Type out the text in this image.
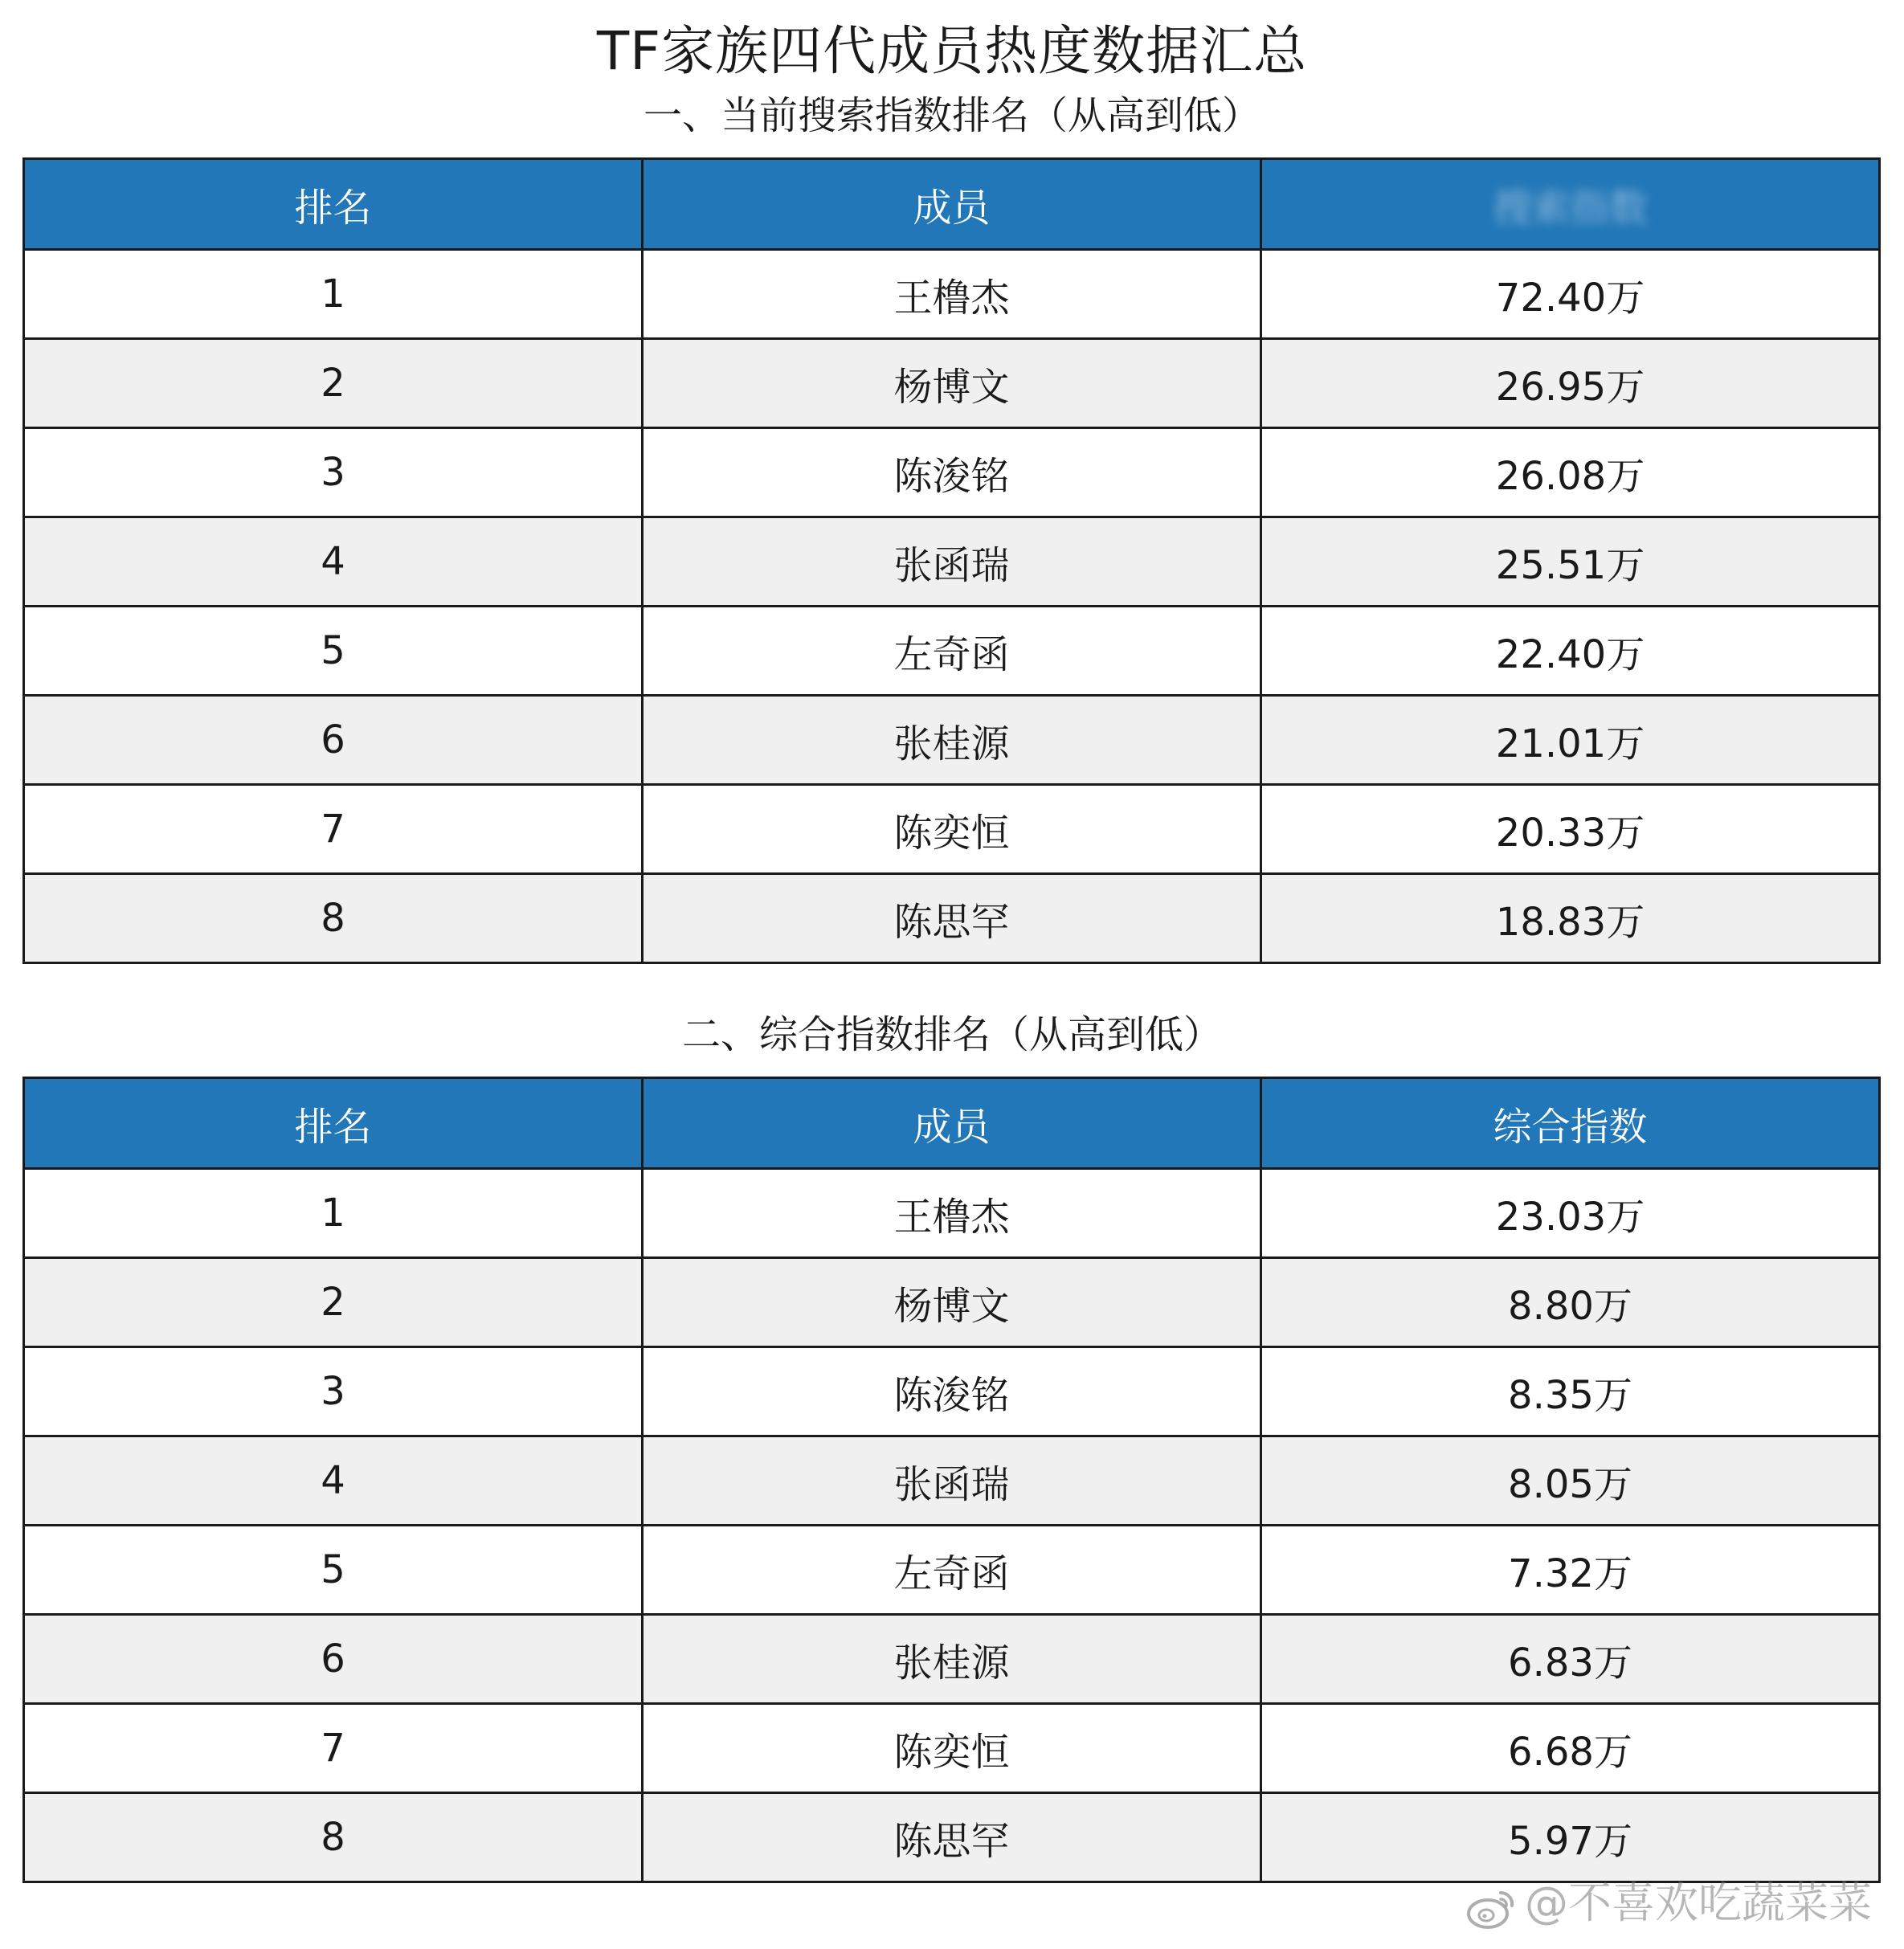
TF家族四代成员热度数据汇总
一、当前搜索指数排名（从高到低）
排名	成员	搜索指数
1	王橹杰	72.40万
2	杨博文	26.95万
3	陈浚铭	26.08万
4	张函瑞	25.51万
5	左奇函	22.40万
6	张桂源	21.01万
7	陈奕恒	20.33万
8	陈思罕	18.83万
二、综合指数排名（从高到低）
排名	成员	综合指数
1	王橹杰	23.03万
2	杨博文	8.80万
3	陈浚铭	8.35万
4	张函瑞	8.05万
5	左奇函	7.32万
6	张桂源	6.83万
7	陈奕恒	6.68万
8	陈思罕	5.97万
@不喜欢吃蔬菜菜
